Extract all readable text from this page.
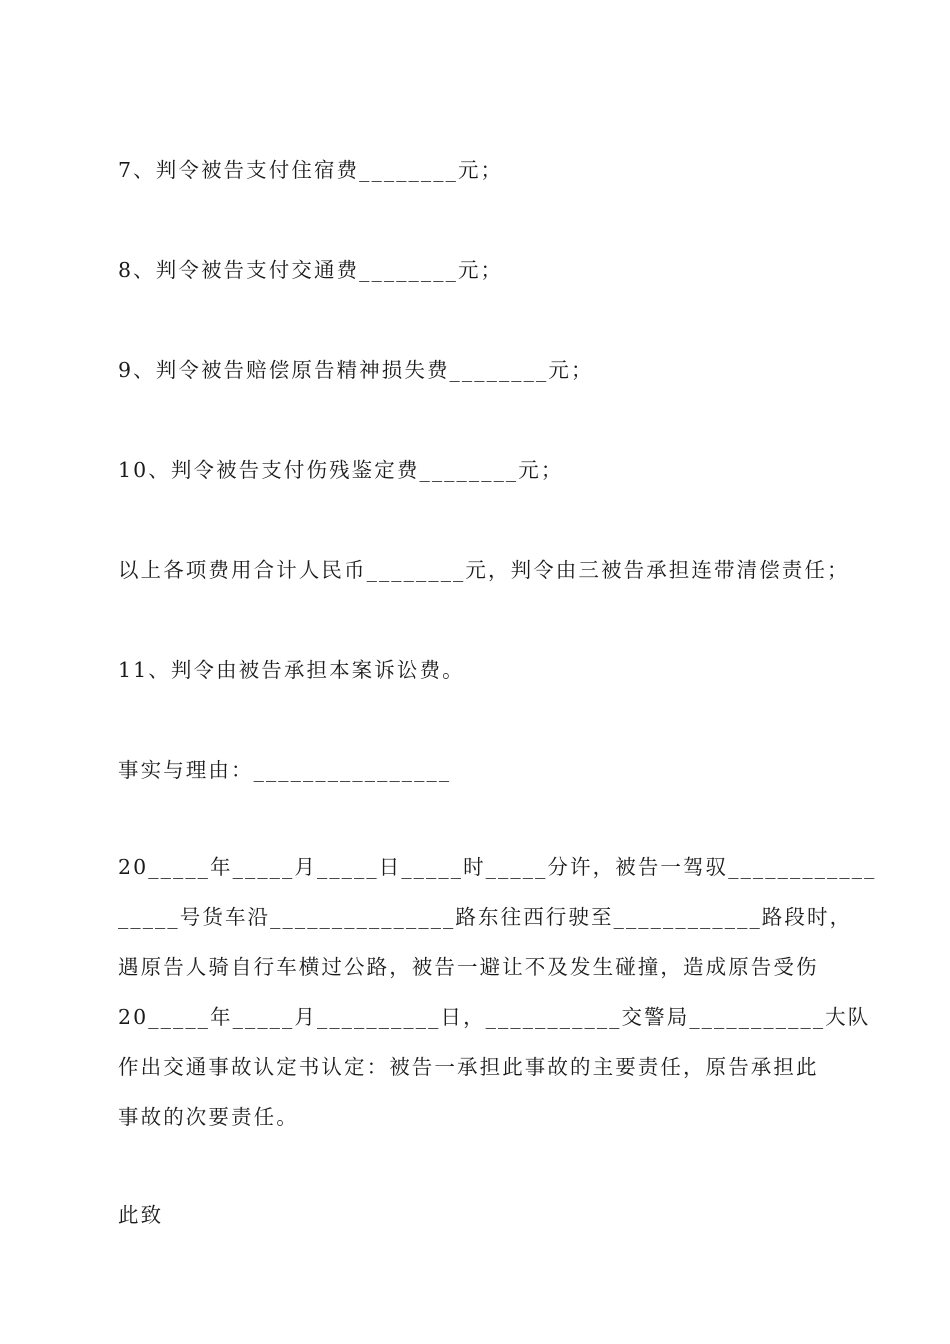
7、判令被告支付住宿费________元；
8、判令被告支付交通费________元；
9、判令被告赔偿原告精神损失费________元；
10、判令被告支付伤残鉴定费________元；
以上各项费用合计人民币________元，判令由三被告承担连带清偿责任；
11、判令由被告承担本案诉讼费。
事实与理由：________________
20_____年_____月_____日_____时_____分许，被告一驾驭____________
_____号货车沿_______________路东往西行驶至____________路段时，
遇原告人骑自行车横过公路，被告一避让不及发生碰撞，造成原告受伤
20_____年_____月__________日，___________交警局___________大队
作出交通事故认定书认定：被告一承担此事故的主要责任，原告承担此
事故的次要责任。
此致
